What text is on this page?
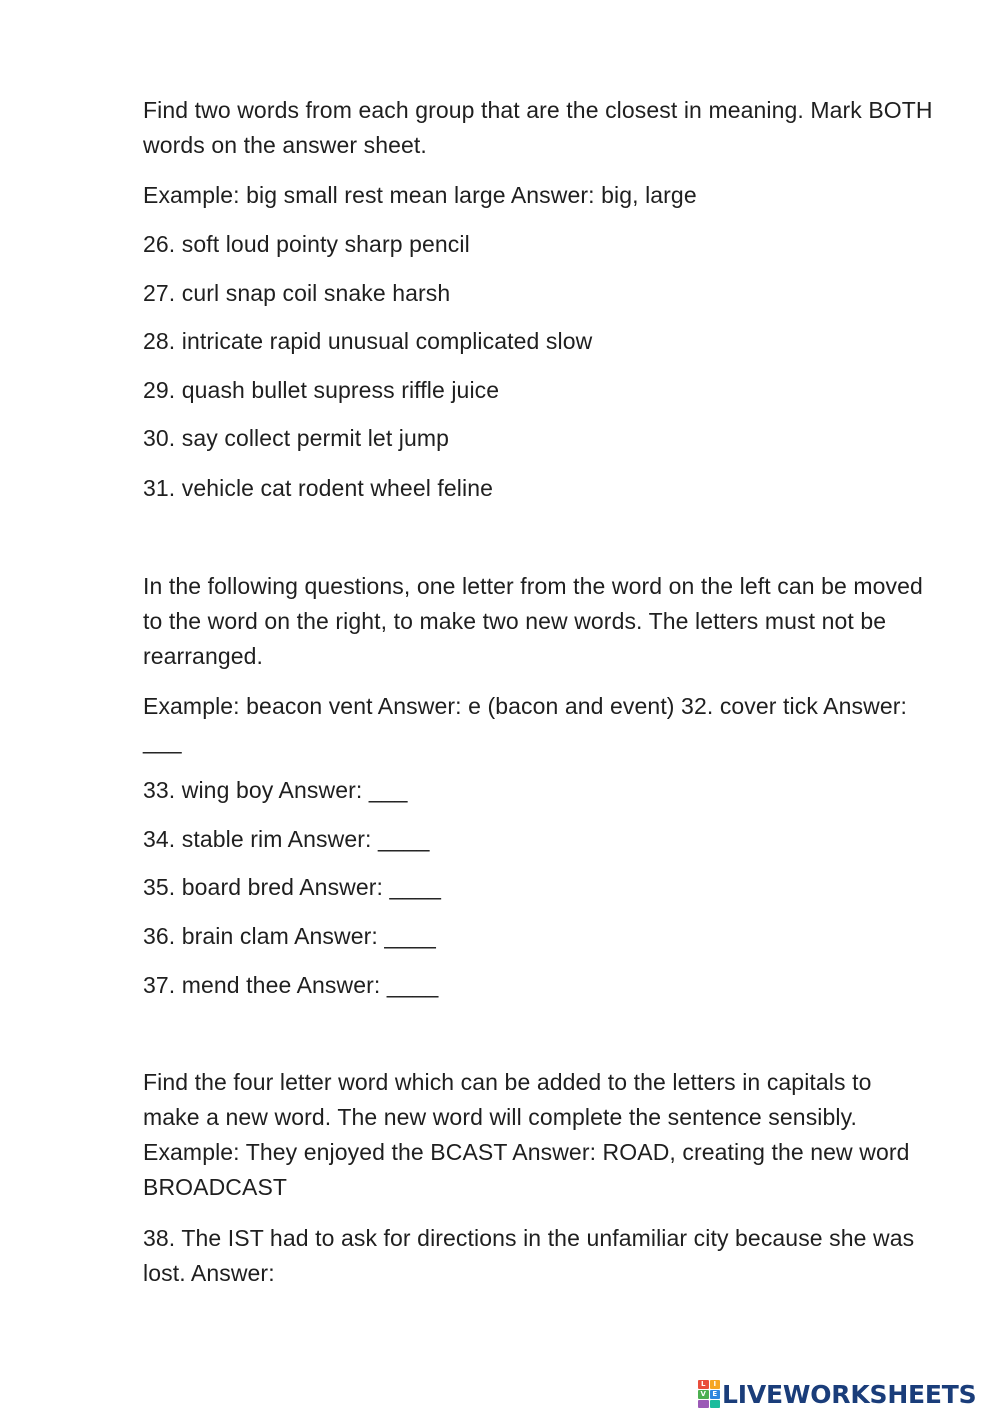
Find two words from each group that are the closest in meaning. Mark BOTH words on the answer sheet.

Example: big small rest mean large Answer: big, large

26. soft loud pointy sharp pencil

27. curl snap coil snake harsh

28. intricate rapid unusual complicated slow

29. quash bullet supress riffle juice

30. say collect permit let jump

31. vehicle cat rodent wheel feline

In the following questions, one letter from the word on the left can be moved to the word on the right, to make two new words. The letters must not be rearranged.

Example: beacon vent Answer: e (bacon and event) 32. cover tick Answer: ___

33. wing boy Answer: ___

34. stable rim Answer: ____

35. board bred Answer: ____

36. brain clam Answer: ____

37. mend thee Answer: ____

Find the four letter word which can be added to the letters in capitals to make a new word. The new word will complete the sentence sensibly. Example: They enjoyed the BCAST Answer: ROAD, creating the new word BROADCAST

38. The IST had to ask for directions in the unfamiliar city because she was lost. Answer:

L	I
V E LIVEWORKSHEETS
